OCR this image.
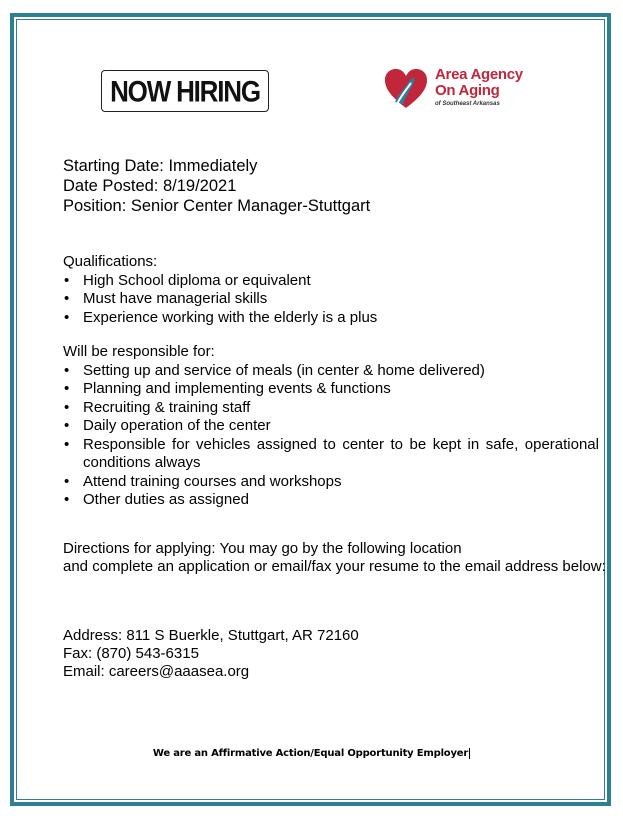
NOW HIRING	Area Agency
On Aging
of Southeast Arkansas
Starting Date: Immediately
Date Posted: 8/19/2021
Position: Senior Center Manager-Stuttgart
Qualifications:
• High School diploma or equivalent
• Must have managerial skills
• Experience working with the elderly is a plus
Will be responsible for:
• Setting up and service of meals (in center & home delivered)
• Planning and implementing events & functions
• Recruiting & training staff
• Daily operation of the center
• Responsible for vehicles assigned to center to be kept in safe, operational conditions always
• Attend training courses and workshops
• Other duties as assigned
Directions for applying: You may go by the following location
and complete an application or email/fax your resume to the email address below:
Address: 811 S Buerkle, Stuttgart, AR 72160
Fax: (870) 543-6315
Email: careers@aaasea.org
We are an Affirmative Action/Equal Opportunity Employer
